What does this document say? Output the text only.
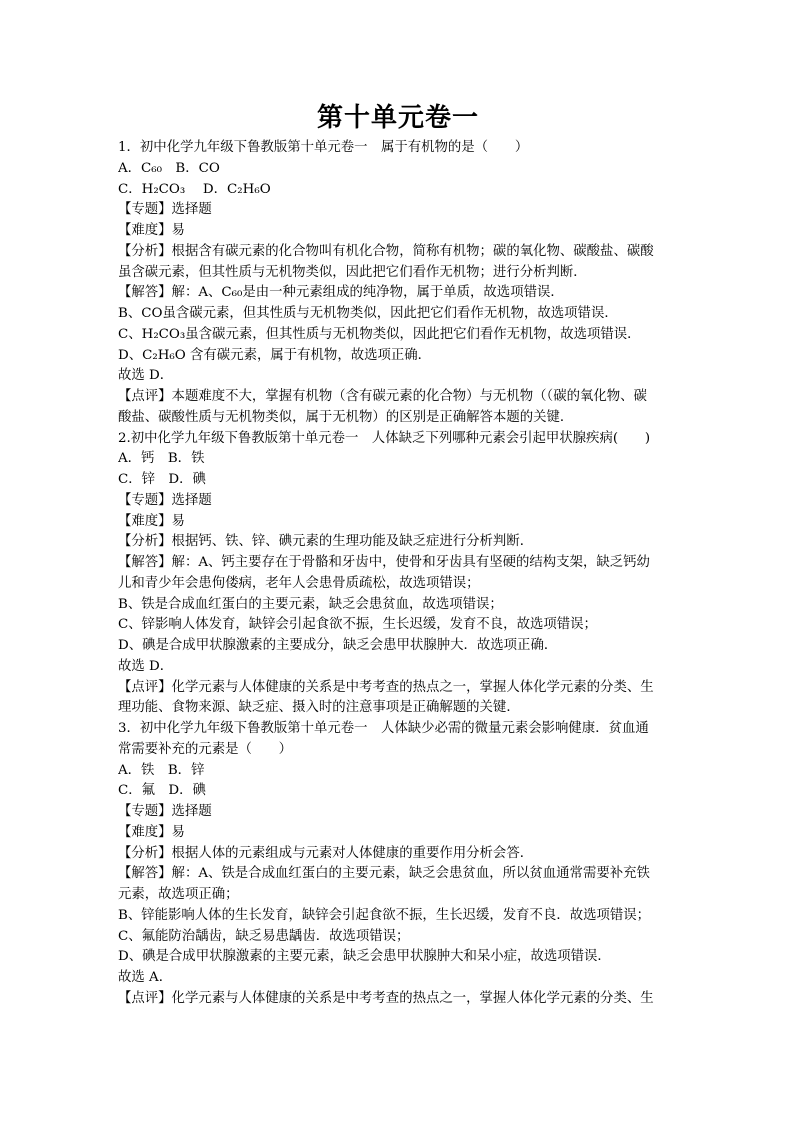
第十单元卷一
1．初中化学九年级下鲁教版第十单元卷一　属于有机物的是（　　）
A．C₆₀　B．CO
C．H₂CO₃　 D．C₂H₆O
【专题】选择题
【难度】易
【分析】根据含有碳元素的化合物叫有机化合物，简称有机物；碳的氧化物、碳酸盐、碳酸
虽含碳元素，但其性质与无机物类似，因此把它们看作无机物；进行分析判断．
【解答】解：A、C₆₀是由一种元素组成的纯净物，属于单质，故选项错误．
B、CO虽含碳元素，但其性质与无机物类似，因此把它们看作无机物，故选项错误．
C、H₂CO₃虽含碳元素，但其性质与无机物类似，因此把它们看作无机物，故选项错误．
D、C₂H₆O 含有碳元素，属于有机物，故选项正确．
故选 D．
【点评】本题难度不大，掌握有机物（含有碳元素的化合物）与无机物（（碳的氧化物、碳
酸盐、碳酸性质与无机物类似，属于无机物）的区别是正确解答本题的关键．
2.初中化学九年级下鲁教版第十单元卷一　人体缺乏下列哪种元素会引起甲状腺疾病(　　)
A．钙　B．铁
C．锌　D．碘
【专题】选择题
【难度】易
【分析】根据钙、铁、锌、碘元素的生理功能及缺乏症进行分析判断．
【解答】解：A、钙主要存在于骨骼和牙齿中，使骨和牙齿具有坚硬的结构支架，缺乏钙幼
儿和青少年会患佝偻病，老年人会患骨质疏松，故选项错误；
B、铁是合成血红蛋白的主要元素，缺乏会患贫血，故选项错误；
C、锌影响人体发育，缺锌会引起食欲不振，生长迟缓，发育不良，故选项错误；
D、碘是合成甲状腺激素的主要成分，缺乏会患甲状腺肿大．故选项正确．
故选 D．
【点评】化学元素与人体健康的关系是中考考查的热点之一，掌握人体化学元素的分类、生
理功能、食物来源、缺乏症、摄入时的注意事项是正确解题的关键．
3．初中化学九年级下鲁教版第十单元卷一　人体缺少必需的微量元素会影响健康．贫血通
常需要补充的元素是（　　）
A．铁　B．锌
C．氟　D．碘
【专题】选择题
【难度】易
【分析】根据人体的元素组成与元素对人体健康的重要作用分析会答．
【解答】解：A、铁是合成血红蛋白的主要元素，缺乏会患贫血，所以贫血通常需要补充铁
元素，故选项正确；
B、锌能影响人体的生长发育，缺锌会引起食欲不振，生长迟缓，发育不良．故选项错误；
C、氟能防治龋齿，缺乏易患龋齿．故选项错误；
D、碘是合成甲状腺激素的主要元素，缺乏会患甲状腺肿大和呆小症，故选项错误．
故选 A．
【点评】化学元素与人体健康的关系是中考考查的热点之一，掌握人体化学元素的分类、生
